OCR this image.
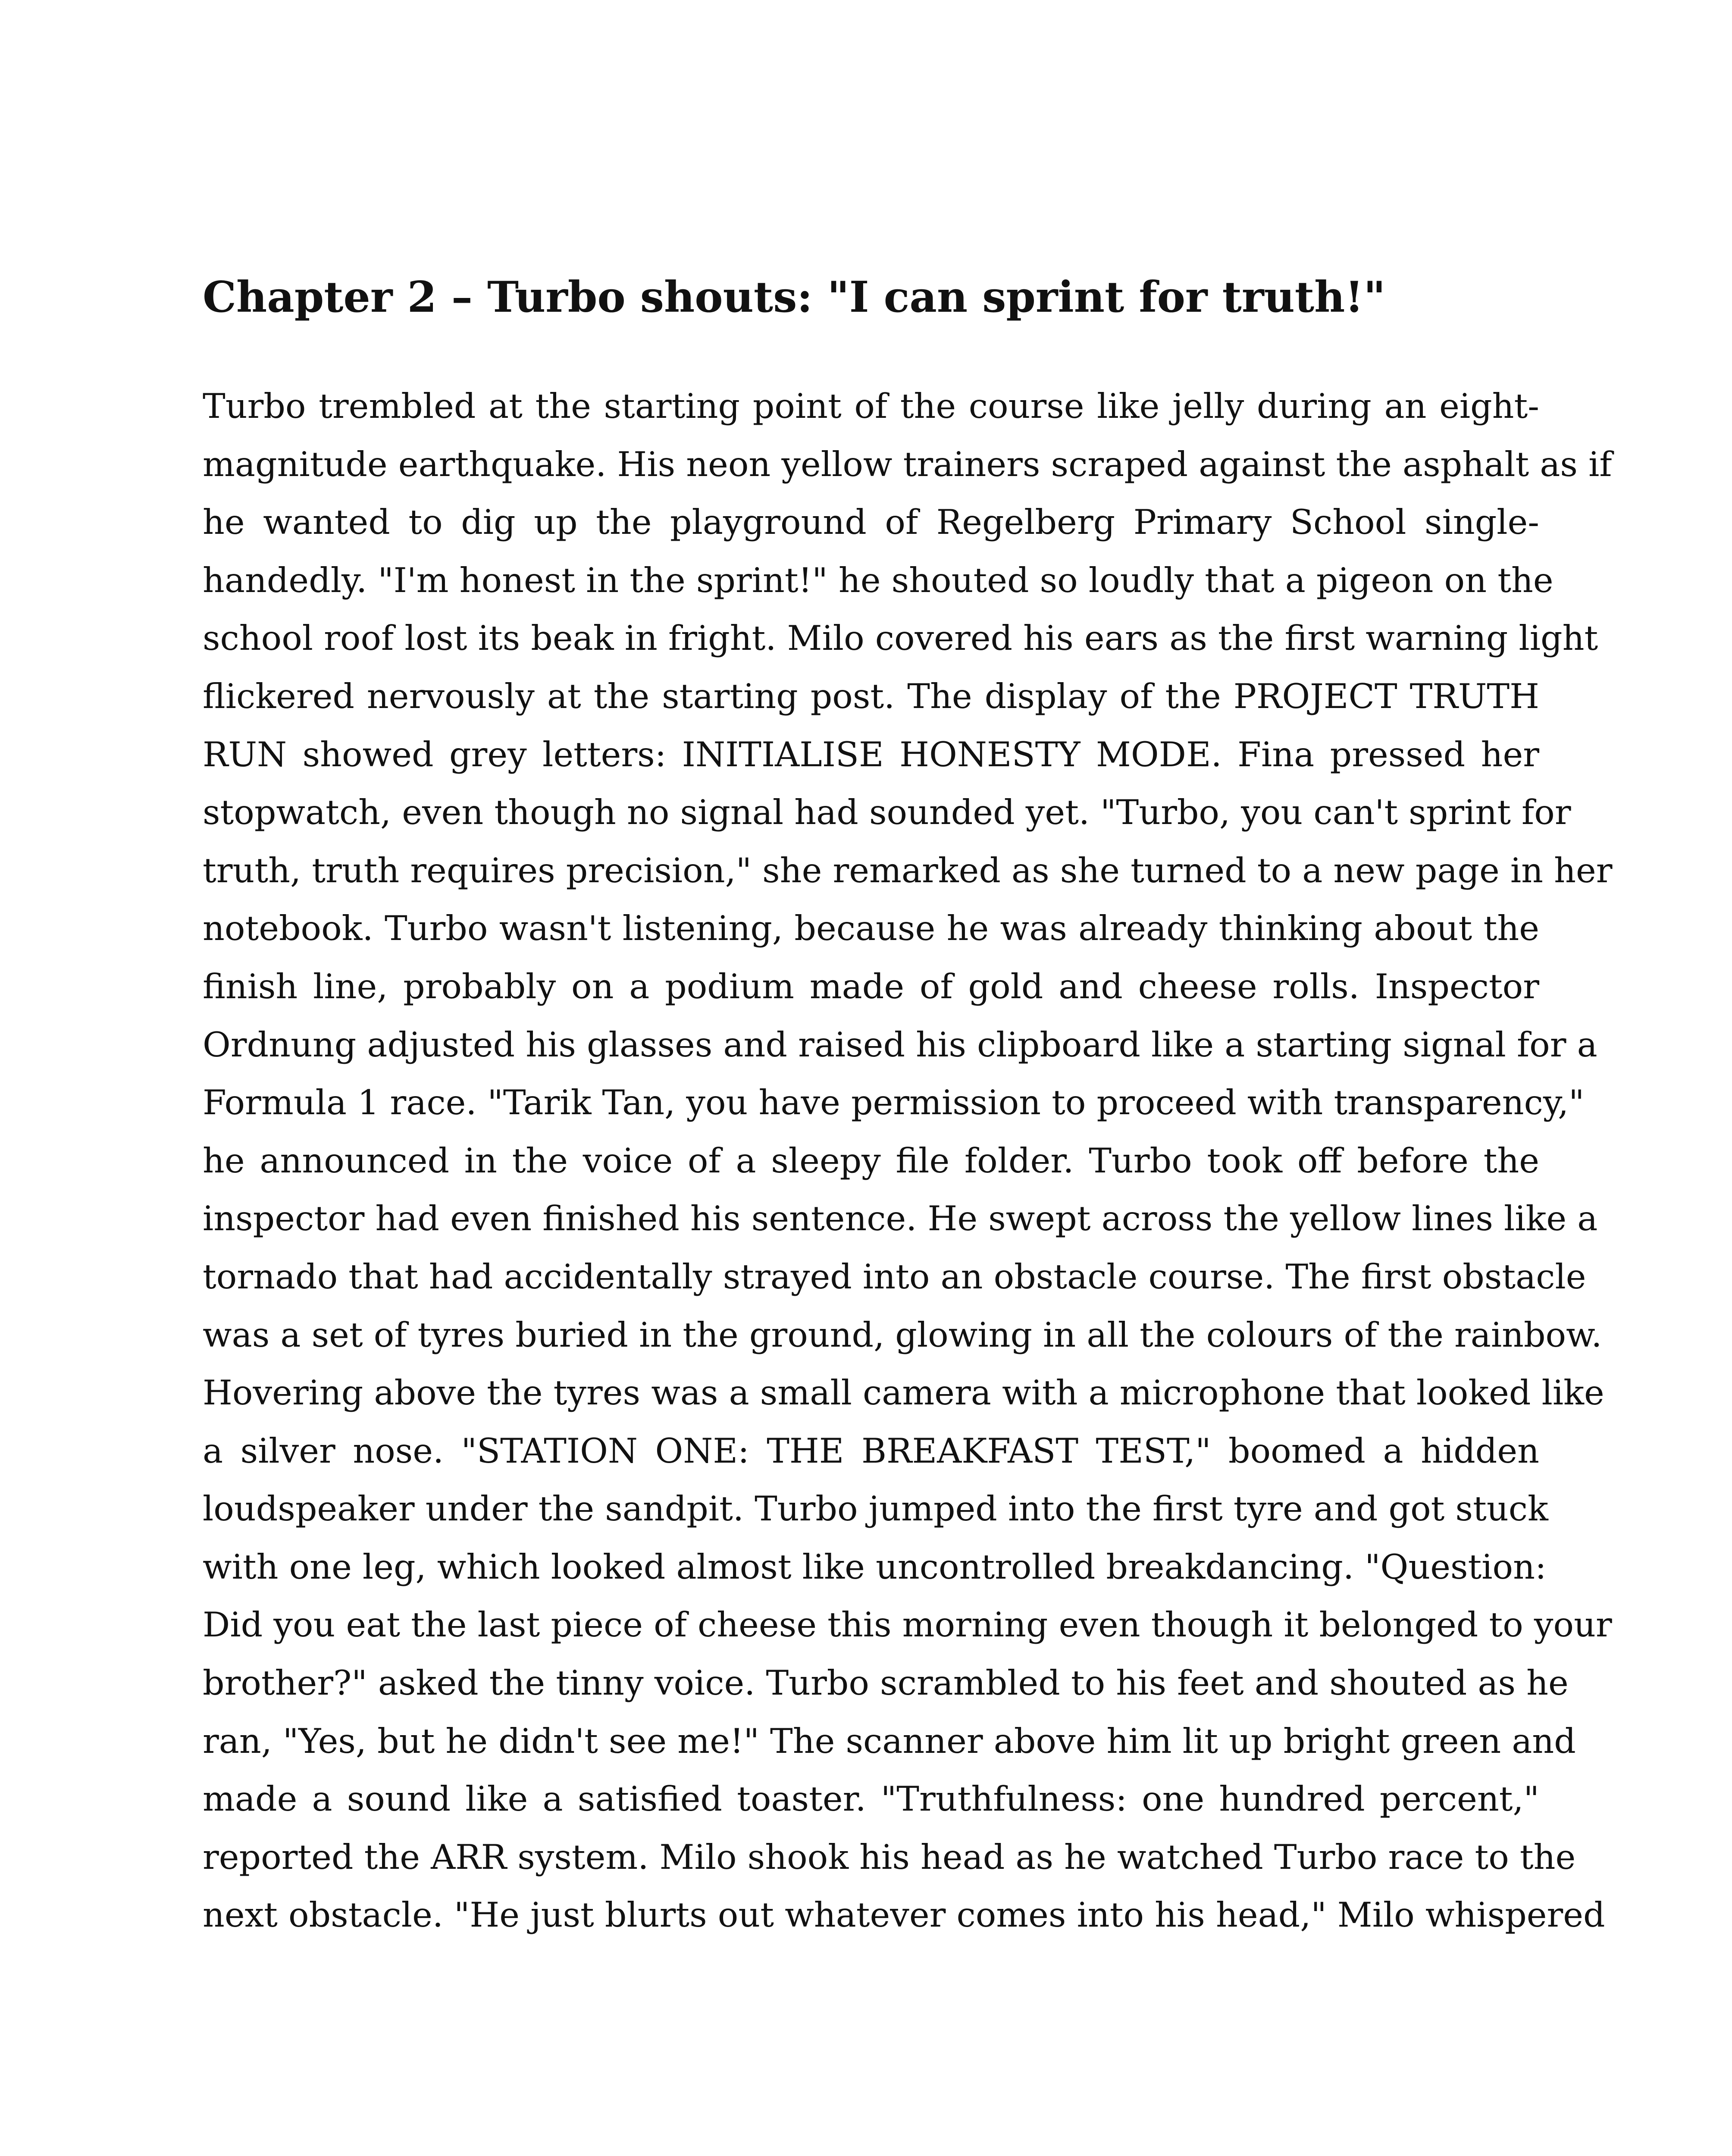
Chapter 2 – Turbo shouts: "I can sprint for truth!"
Turbo trembled at the starting point of the course like jelly during an eight-
magnitude earthquake. His neon yellow trainers scraped against the asphalt as if
he wanted to dig up the playground of Regelberg Primary School single-
handedly. "I'm honest in the sprint!" he shouted so loudly that a pigeon on the
school roof lost its beak in fright. Milo covered his ears as the first warning light
flickered nervously at the starting post. The display of the PROJECT TRUTH
RUN showed grey letters: INITIALISE HONESTY MODE. Fina pressed her
stopwatch, even though no signal had sounded yet. "Turbo, you can't sprint for
truth, truth requires precision," she remarked as she turned to a new page in her
notebook. Turbo wasn't listening, because he was already thinking about the
finish line, probably on a podium made of gold and cheese rolls. Inspector
Ordnung adjusted his glasses and raised his clipboard like a starting signal for a
Formula 1 race. "Tarik Tan, you have permission to proceed with transparency,"
he announced in the voice of a sleepy file folder. Turbo took off before the
inspector had even finished his sentence. He swept across the yellow lines like a
tornado that had accidentally strayed into an obstacle course. The first obstacle
was a set of tyres buried in the ground, glowing in all the colours of the rainbow.
Hovering above the tyres was a small camera with a microphone that looked like
a silver nose. "STATION ONE: THE BREAKFAST TEST," boomed a hidden
loudspeaker under the sandpit. Turbo jumped into the first tyre and got stuck
with one leg, which looked almost like uncontrolled breakdancing. "Question:
Did you eat the last piece of cheese this morning even though it belonged to your
brother?" asked the tinny voice. Turbo scrambled to his feet and shouted as he
ran, "Yes, but he didn't see me!" The scanner above him lit up bright green and
made a sound like a satisfied toaster. "Truthfulness: one hundred percent,"
reported the ARR system. Milo shook his head as he watched Turbo race to the
next obstacle. "He just blurts out whatever comes into his head," Milo whispered
